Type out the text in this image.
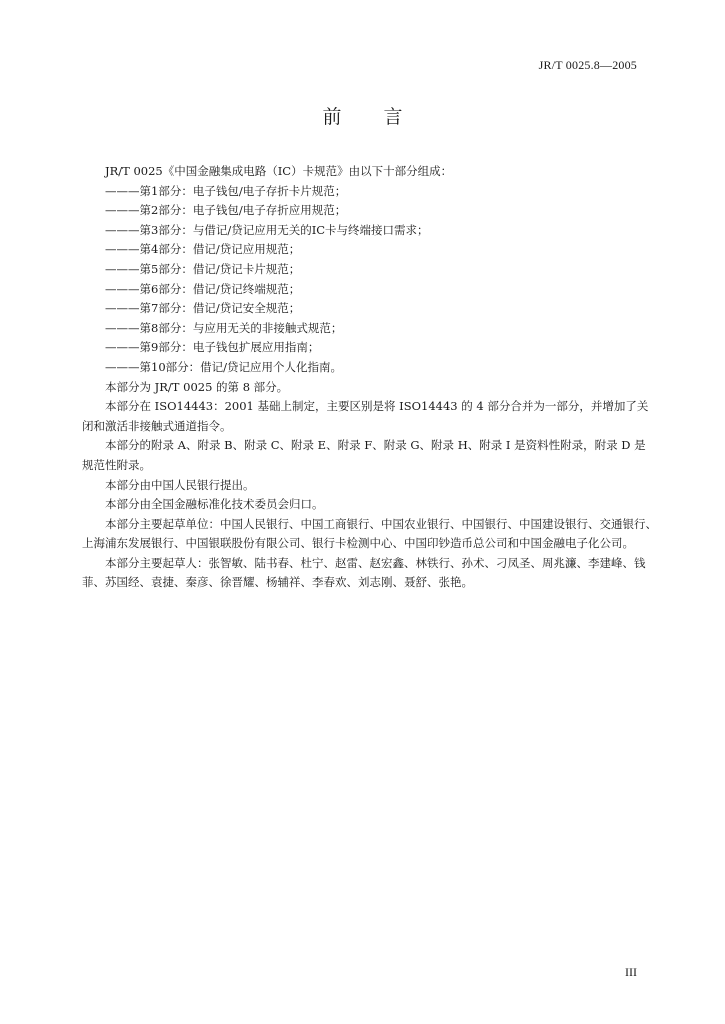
JR/T 0025.8—2005
前 言

JR/T 0025《中国金融集成电路（IC）卡规范》由以下十部分组成：

———第1部分：电子钱包/电子存折卡片规范；

———第2部分：电子钱包/电子存折应用规范；

———第3部分：与借记/贷记应用无关的IC卡与终端接口需求；

———第4部分：借记/贷记应用规范；

———第5部分：借记/贷记卡片规范；

———第6部分：借记/贷记终端规范；

———第7部分：借记/贷记安全规范；

———第8部分：与应用无关的非接触式规范；

———第9部分：电子钱包扩展应用指南；

———第10部分：借记/贷记应用个人化指南。

本部分为 JR/T 0025 的第 8 部分。

本部分在 ISO14443：2001 基础上制定，主要区别是将 ISO14443 的 4 部分合并为一部分，并增加了关闭和激活非接触式通道指令。

本部分的附录 A、附录 B、附录 C、附录 E、附录 F、附录 G、附录 H、附录 I 是资料性附录，附录 D 是规范性附录。

本部分由中国人民银行提出。

本部分由全国金融标准化技术委员会归口。

本部分主要起草单位：中国人民银行、中国工商银行、中国农业银行、中国银行、中国建设银行、交通银行、上海浦东发展银行、中国银联股份有限公司、银行卡检测中心、中国印钞造币总公司和中国金融电子化公司。

本部分主要起草人：张智敏、陆书春、杜宁、赵雷、赵宏鑫、林铁行、孙术、刁凤圣、周兆濂、李建峰、钱菲、苏国经、袁捷、秦彦、徐晋耀、杨辅祥、李春欢、刘志刚、聂舒、张艳。

III
